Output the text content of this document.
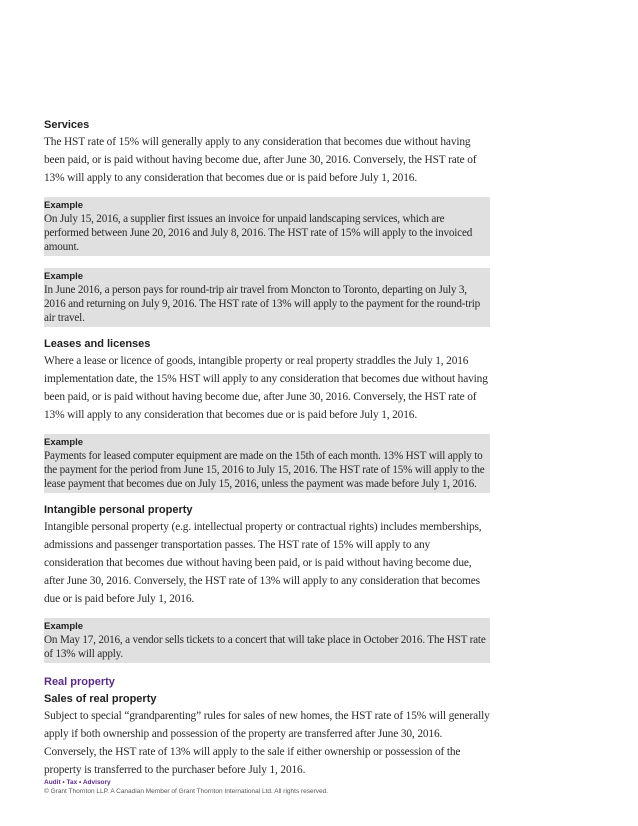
Services

The HST rate of 15% will generally apply to any consideration that becomes due without having been paid, or is paid without having become due, after June 30, 2016. Conversely, the HST rate of 13% will apply to any consideration that becomes due or is paid before July 1, 2016.

Example
On July 15, 2016, a supplier first issues an invoice for unpaid landscaping services, which are performed between June 20, 2016 and July 8, 2016. The HST rate of 15% will apply to the invoiced amount.
Example
In June 2016, a person pays for round-trip air travel from Moncton to Toronto, departing on July 3, 2016 and returning on July 9, 2016. The HST rate of 13% will apply to the payment for the round-trip air travel.

Leases and licenses

Where a lease or licence of goods, intangible property or real property straddles the July 1, 2016 implementation date, the 15% HST will apply to any consideration that becomes due without having been paid, or is paid without having become due, after June 30, 2016. Conversely, the HST rate of 13% will apply to any consideration that becomes due or is paid before July 1, 2016.

Example
Payments for leased computer equipment are made on the 15th of each month. 13% HST will apply to the payment for the period from June 15, 2016 to July 15, 2016. The HST rate of 15% will apply to the lease payment that becomes due on July 15, 2016, unless the payment was made before July 1, 2016.

Intangible personal property

Intangible personal property (e.g. intellectual property or contractual rights) includes memberships, admissions and passenger transportation passes. The HST rate of 15% will apply to any consideration that becomes due without having been paid, or is paid without having become due, after June 30, 2016. Conversely, the HST rate of 13% will apply to any consideration that becomes due or is paid before July 1, 2016.

Example
On May 17, 2016, a vendor sells tickets to a concert that will take place in October 2016. The HST rate of 13% will apply.

Real property

Sales of real property

Subject to special “grandparenting” rules for sales of new homes, the HST rate of 15% will generally apply if both ownership and possession of the property are transferred after June 30, 2016. Conversely, the HST rate of 13% will apply to the sale if either ownership or possession of the property is transferred to the purchaser before July 1, 2016.

Audit • Tax • Advisory
© Grant Thornton LLP. A Canadian Member of Grant Thornton International Ltd. All rights reserved.
